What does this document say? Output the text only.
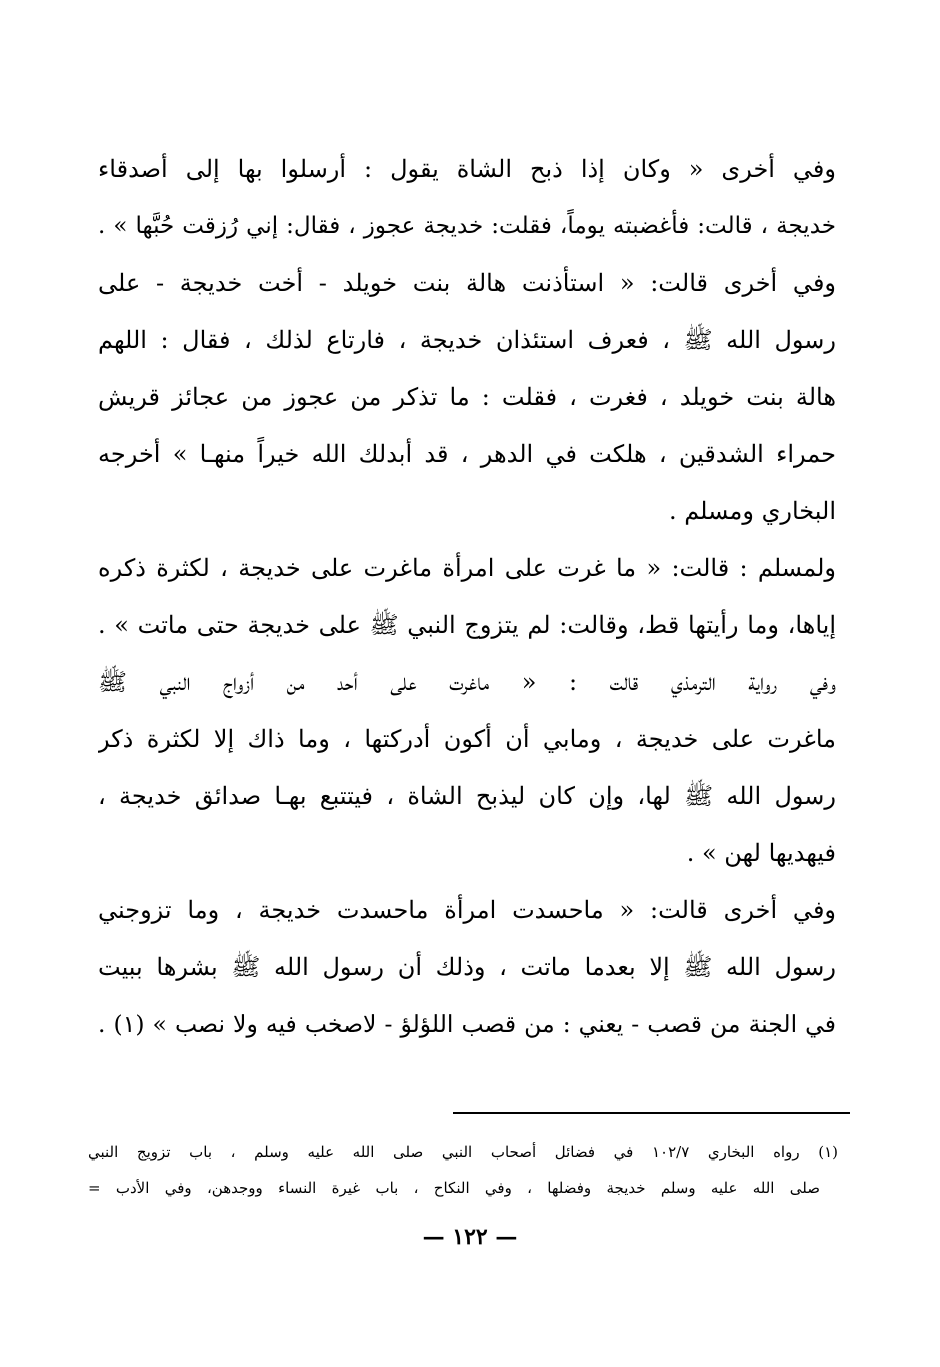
وفي أخرى « وكان إذا ذبح الشاة يقول : أرسلوا بها إلى أصدقاء
خديجة ، قالت: فأغضبته يوماً، فقلت: خديجة عجوز ، فقال: إني رُزقت حُبَّها » .
وفي أخرى قالت: « استأذنت هالة بنت خويلد - أخت خديجة - على
رسول الله ﷺ ، فعرف استئذان خديجة ، فارتاع لذلك ، فقال : اللهم
هالة بنت خويلد ، فغرت ، فقلت : ما تذكر من عجوز من عجائز قريش
حمراء الشدقين ، هلكت في الدهر ، قد أبدلك الله خيراً منهـا » أخرجه
البخاري ومسلم .
ولمسلم : قالت: « ما غرت على امرأة ماغرت على خديجة ، لكثرة ذكره
إياها، وما رأيتها قط، وقالت: لم يتزوج النبي ﷺ على خديجة حتى ماتت » .
وفي رواية الترمذي قالت : « ماغرت على أحد من أزواج النبي ﷺ
ماغرت على خديجة ، ومابي أن أكون أدركتها ، وما ذاك إلا لكثرة ذكر
رسول الله ﷺ لها، وإن كان ليذبح الشاة ، فيتتبع بهـا صدائق خديجة ،
فيهديها لهن » .
وفي أخرى قالت: « ماحسدت امرأة ماحسدت خديجة ، وما تزوجني
رسول الله ﷺ إلا بعدما ماتت ، وذلك أن رسول الله ﷺ بشرها ببيت
في الجنة من قصب - يعني : من قصب اللؤلؤ - لاصخب فيه ولا نصب » (١) .
(١) رواه البخاري ١٠٢/٧ في فضائل أصحاب النبي صلى الله عليه وسلم ، باب تزويج النبي
صلى الله عليه وسلم خديجة وفضلها ، وفي النكاح ، باب غيرة النساء ووجدهن، وفي الأدب =
— ١٢٢ —
